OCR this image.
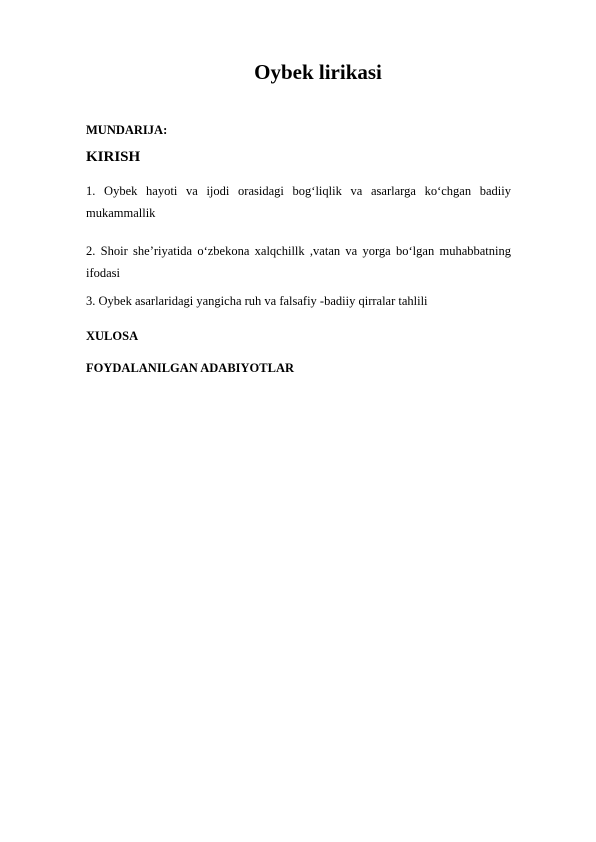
Oybek lirikasi
MUNDARIJA:
KIRISH
1. Oybek hayoti va ijodi orasidagi bog‘liqlik va asarlarga ko‘chgan badiiy mukammallik
2. Shoir she’riyatida o‘zbekona xalqchillk ,vatan va yorga bo‘lgan muhabbatning ifodasi
3. Oybek asarlaridagi yangicha ruh va falsafiy -badiiy qirralar tahlili
XULOSA
FOYDALANILGAN ADABIYOTLAR
